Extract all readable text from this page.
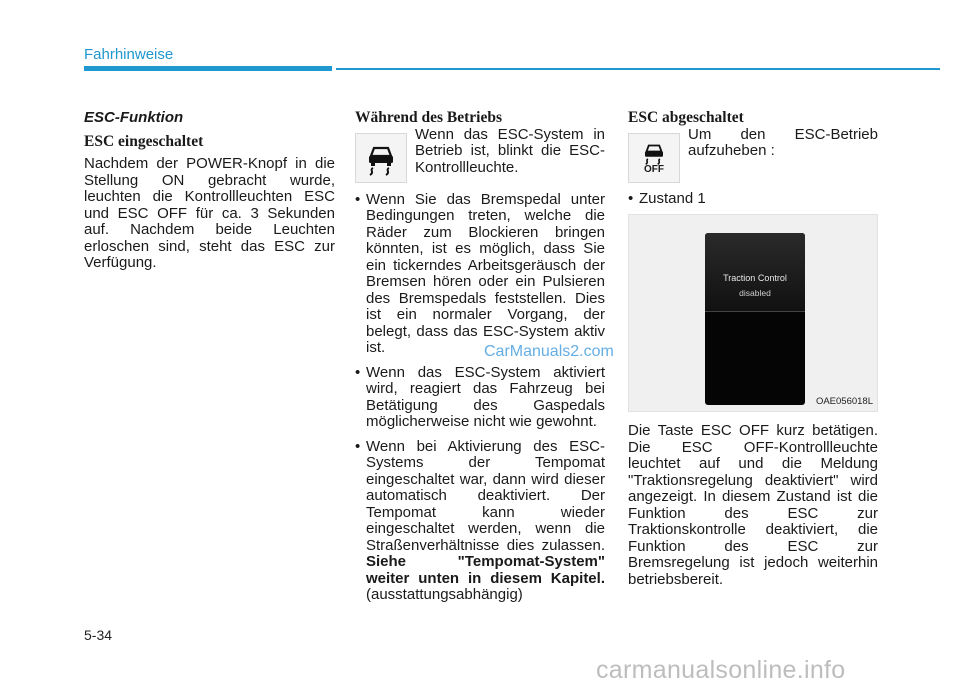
Fahrhinweise
ESC-Funktion
ESC eingeschaltet

Nachdem der POWER-Knopf in die Stellung ON gebracht wurde, leuchten die Kontrollleuchten ESC und ESC OFF für ca. 3 Sekunden auf. Nachdem beide Leuchten erloschen sind, steht das ESC zur Verfügung.

Während des Betriebs

Wenn das ESC-System in Betrieb ist, blinkt die ESC-Kontrollleuchte.

• Wenn Sie das Bremspedal unter Bedingungen treten, welche die Räder zum Blockieren bringen könnten, ist es möglich, dass Sie ein tickerndes Arbeitsgeräusch der Bremsen hören oder ein Pulsieren des Bremspedals feststellen. Dies ist ein normaler Vorgang, der belegt, dass das ESC-System aktiv ist.
• Wenn das ESC-System aktiviert wird, reagiert das Fahrzeug bei Betätigung des Gaspedals möglicherweise nicht wie gewohnt.
• Wenn bei Aktivierung des ESC-Systems der Tempomat eingeschaltet war, dann wird dieser automatisch deaktiviert. Der Tempomat kann wieder eingeschaltet werden, wenn die Straßenverhältnisse dies zulassen. Siehe "Tempomat-System" weiter unten in diesem Kapitel. (ausstattungsabhängig)
ESC abgeschaltet
OFF

Um den ESC-Betrieb aufzuheben :

• Zustand 1
Traction Control
disabled
OAE056018L

Die Taste ESC OFF kurz betätigen. Die ESC OFF-Kontrollleuchte leuchtet auf und die Meldung "Traktionsregelung deaktiviert" wird angezeigt. In diesem Zustand ist die Funktion des ESC zur Traktionskontrolle deaktiviert, die Funktion des ESC zur Bremsregelung ist jedoch weiterhin betriebsbereit.

5-34
CarManuals2.com
carmanualsonline.info
